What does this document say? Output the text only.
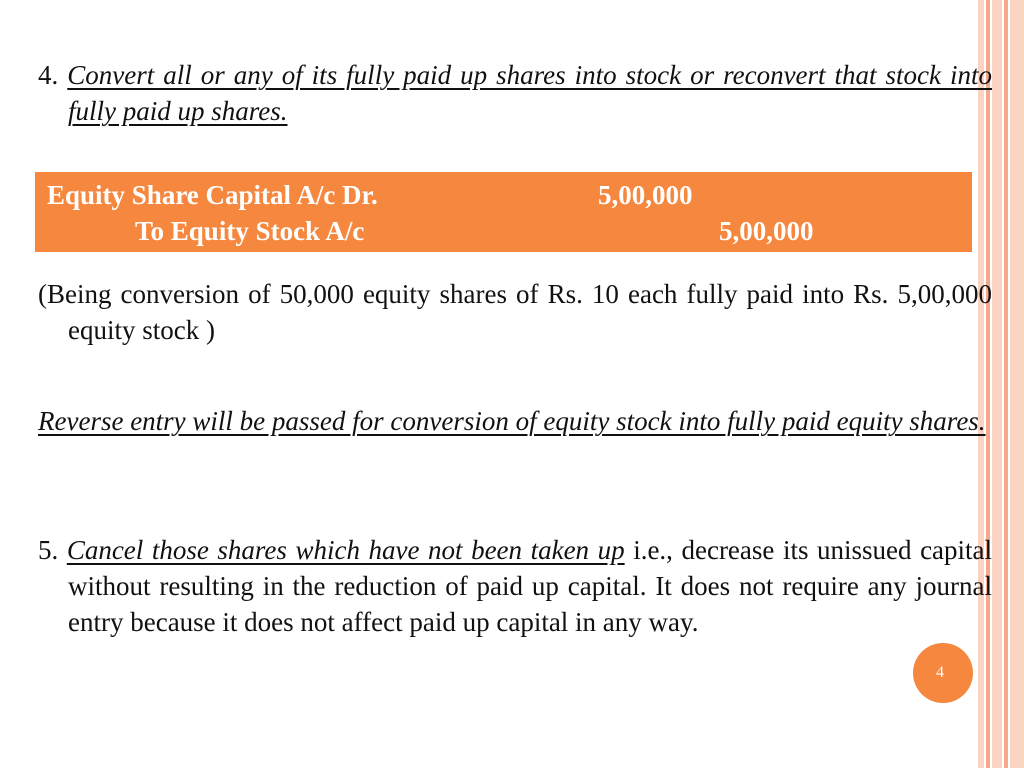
4. Convert all or any of its fully paid up shares into stock or reconvert that stock into fully paid up shares.
Equity Share Capital A/c Dr.	5,00,000
To Equity Stock A/c	5,00,000
(Being conversion of 50,000 equity shares of Rs. 10 each fully paid into Rs. 5,00,000 equity stock )
Reverse entry will be passed for conversion of equity stock into fully paid equity shares.
5. Cancel those shares which have not been taken up i.e., decrease its unissued capital without resulting in the reduction of paid up capital. It does not require any journal entry because it does not affect paid up capital in any way.
4
